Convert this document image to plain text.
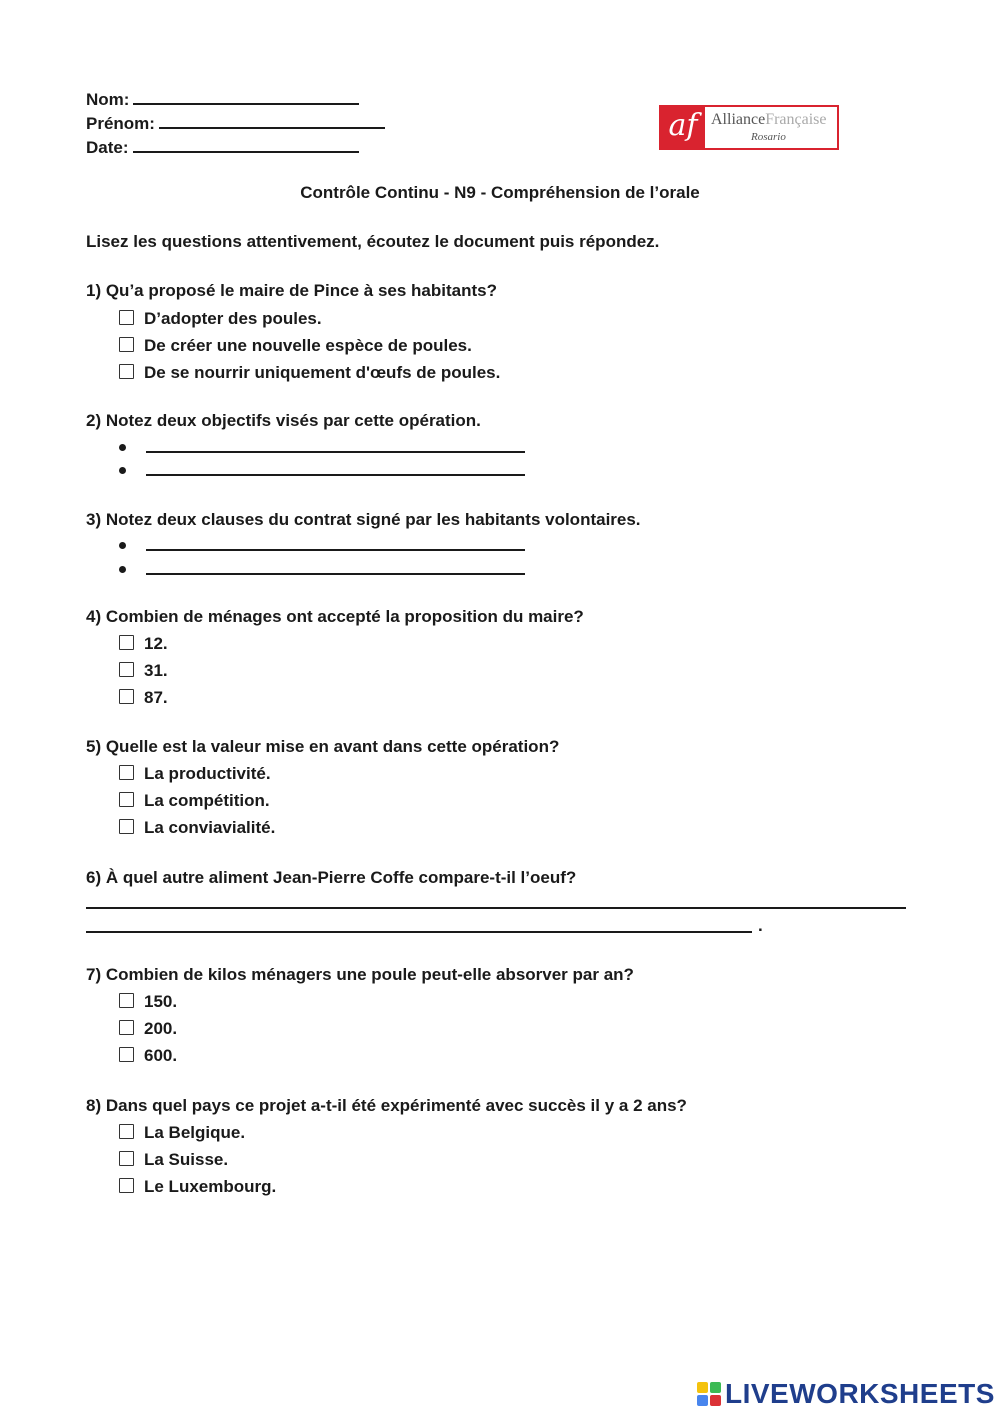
Nom:
Prénom:
Date:
af AllianceFrançaise
Rosario
Contrôle Continu - N9 - Compréhension de l’orale
Lisez les questions attentivement, écoutez le document puis répondez.
1) Qu’a proposé le maire de Pince à ses habitants?
D’adopter des poules.
De créer une nouvelle espèce de poules.
De se nourrir uniquement d'œufs de poules.
2) Notez deux objectifs visés par cette opération.
3) Notez deux clauses du contrat signé par les habitants volontaires.
4) Combien de ménages ont accepté la proposition du maire?
12.
31.
87.
5) Quelle est la valeur mise en avant dans cette opération?
La productivité.
La compétition.
La conviavialité.
6) À quel autre aliment Jean-Pierre Coffe compare-t-il l’oeuf?
.
7) Combien de kilos ménagers une poule peut-elle absorver par an?
150.
200.
600.
8) Dans quel pays ce projet a-t-il été expérimenté avec succès il y a 2 ans?
La Belgique.
La Suisse.
Le Luxembourg.
LIVEWORKSHEETS
